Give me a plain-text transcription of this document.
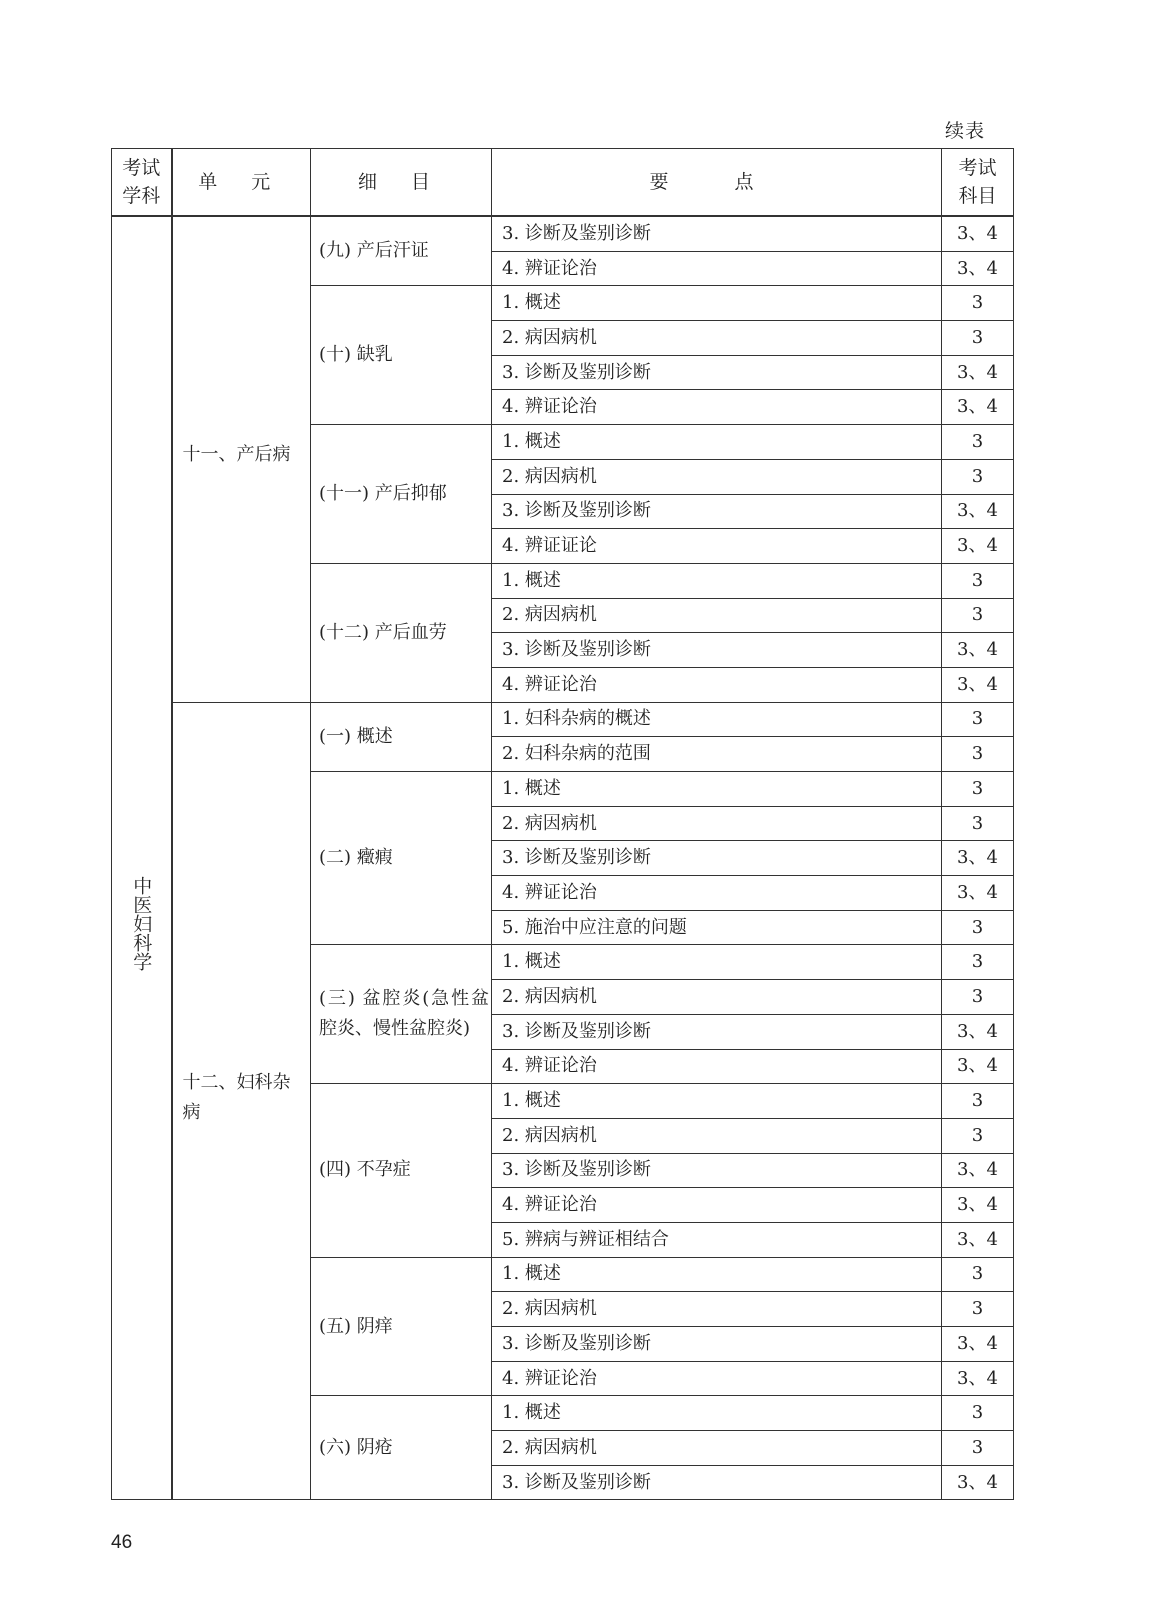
续表
考试学科	单 元	细 目	要 点	考试科目
中医妇科学	十一、产后病	(九) 产后汗证	3. 诊断及鉴别诊断	3、4
			4. 辨证论治	3、4

		(十) 缺乳	1. 概述	3
			2. 病因病机	3
			3. 诊断及鉴别诊断	3、4
			4. 辨证论治	3、4

		(十一) 产后抑郁	1. 概述	3
			2. 病因病机	3
			3. 诊断及鉴别诊断	3、4
			4. 辨证证论	3、4

		(十二) 产后血劳	1. 概述	3
			2. 病因病机	3
			3. 诊断及鉴别诊断	3、4
			4. 辨证论治	3、4

	十二、妇科杂病	(一) 概述	1. 妇科杂病的概述	3
			2. 妇科杂病的范围	3

		(二) 癥瘕	1. 概述	3
			2. 病因病机	3
			3. 诊断及鉴别诊断	3、4
			4. 辨证论治	3、4
			5. 施治中应注意的问题	3

		(三) 盆腔炎(急性盆腔炎、慢性盆腔炎)	1. 概述	3
			2. 病因病机	3
			3. 诊断及鉴别诊断	3、4
			4. 辨证论治	3、4

		(四) 不孕症	1. 概述	3
			2. 病因病机	3
			3. 诊断及鉴别诊断	3、4
			4. 辨证论治	3、4
			5. 辨病与辨证相结合	3、4

		(五) 阴痒	1. 概述	3
			2. 病因病机	3
			3. 诊断及鉴别诊断	3、4
			4. 辨证论治	3、4

		(六) 阴疮	1. 概述	3
			2. 病因病机	3
			3. 诊断及鉴别诊断	3、4
46
